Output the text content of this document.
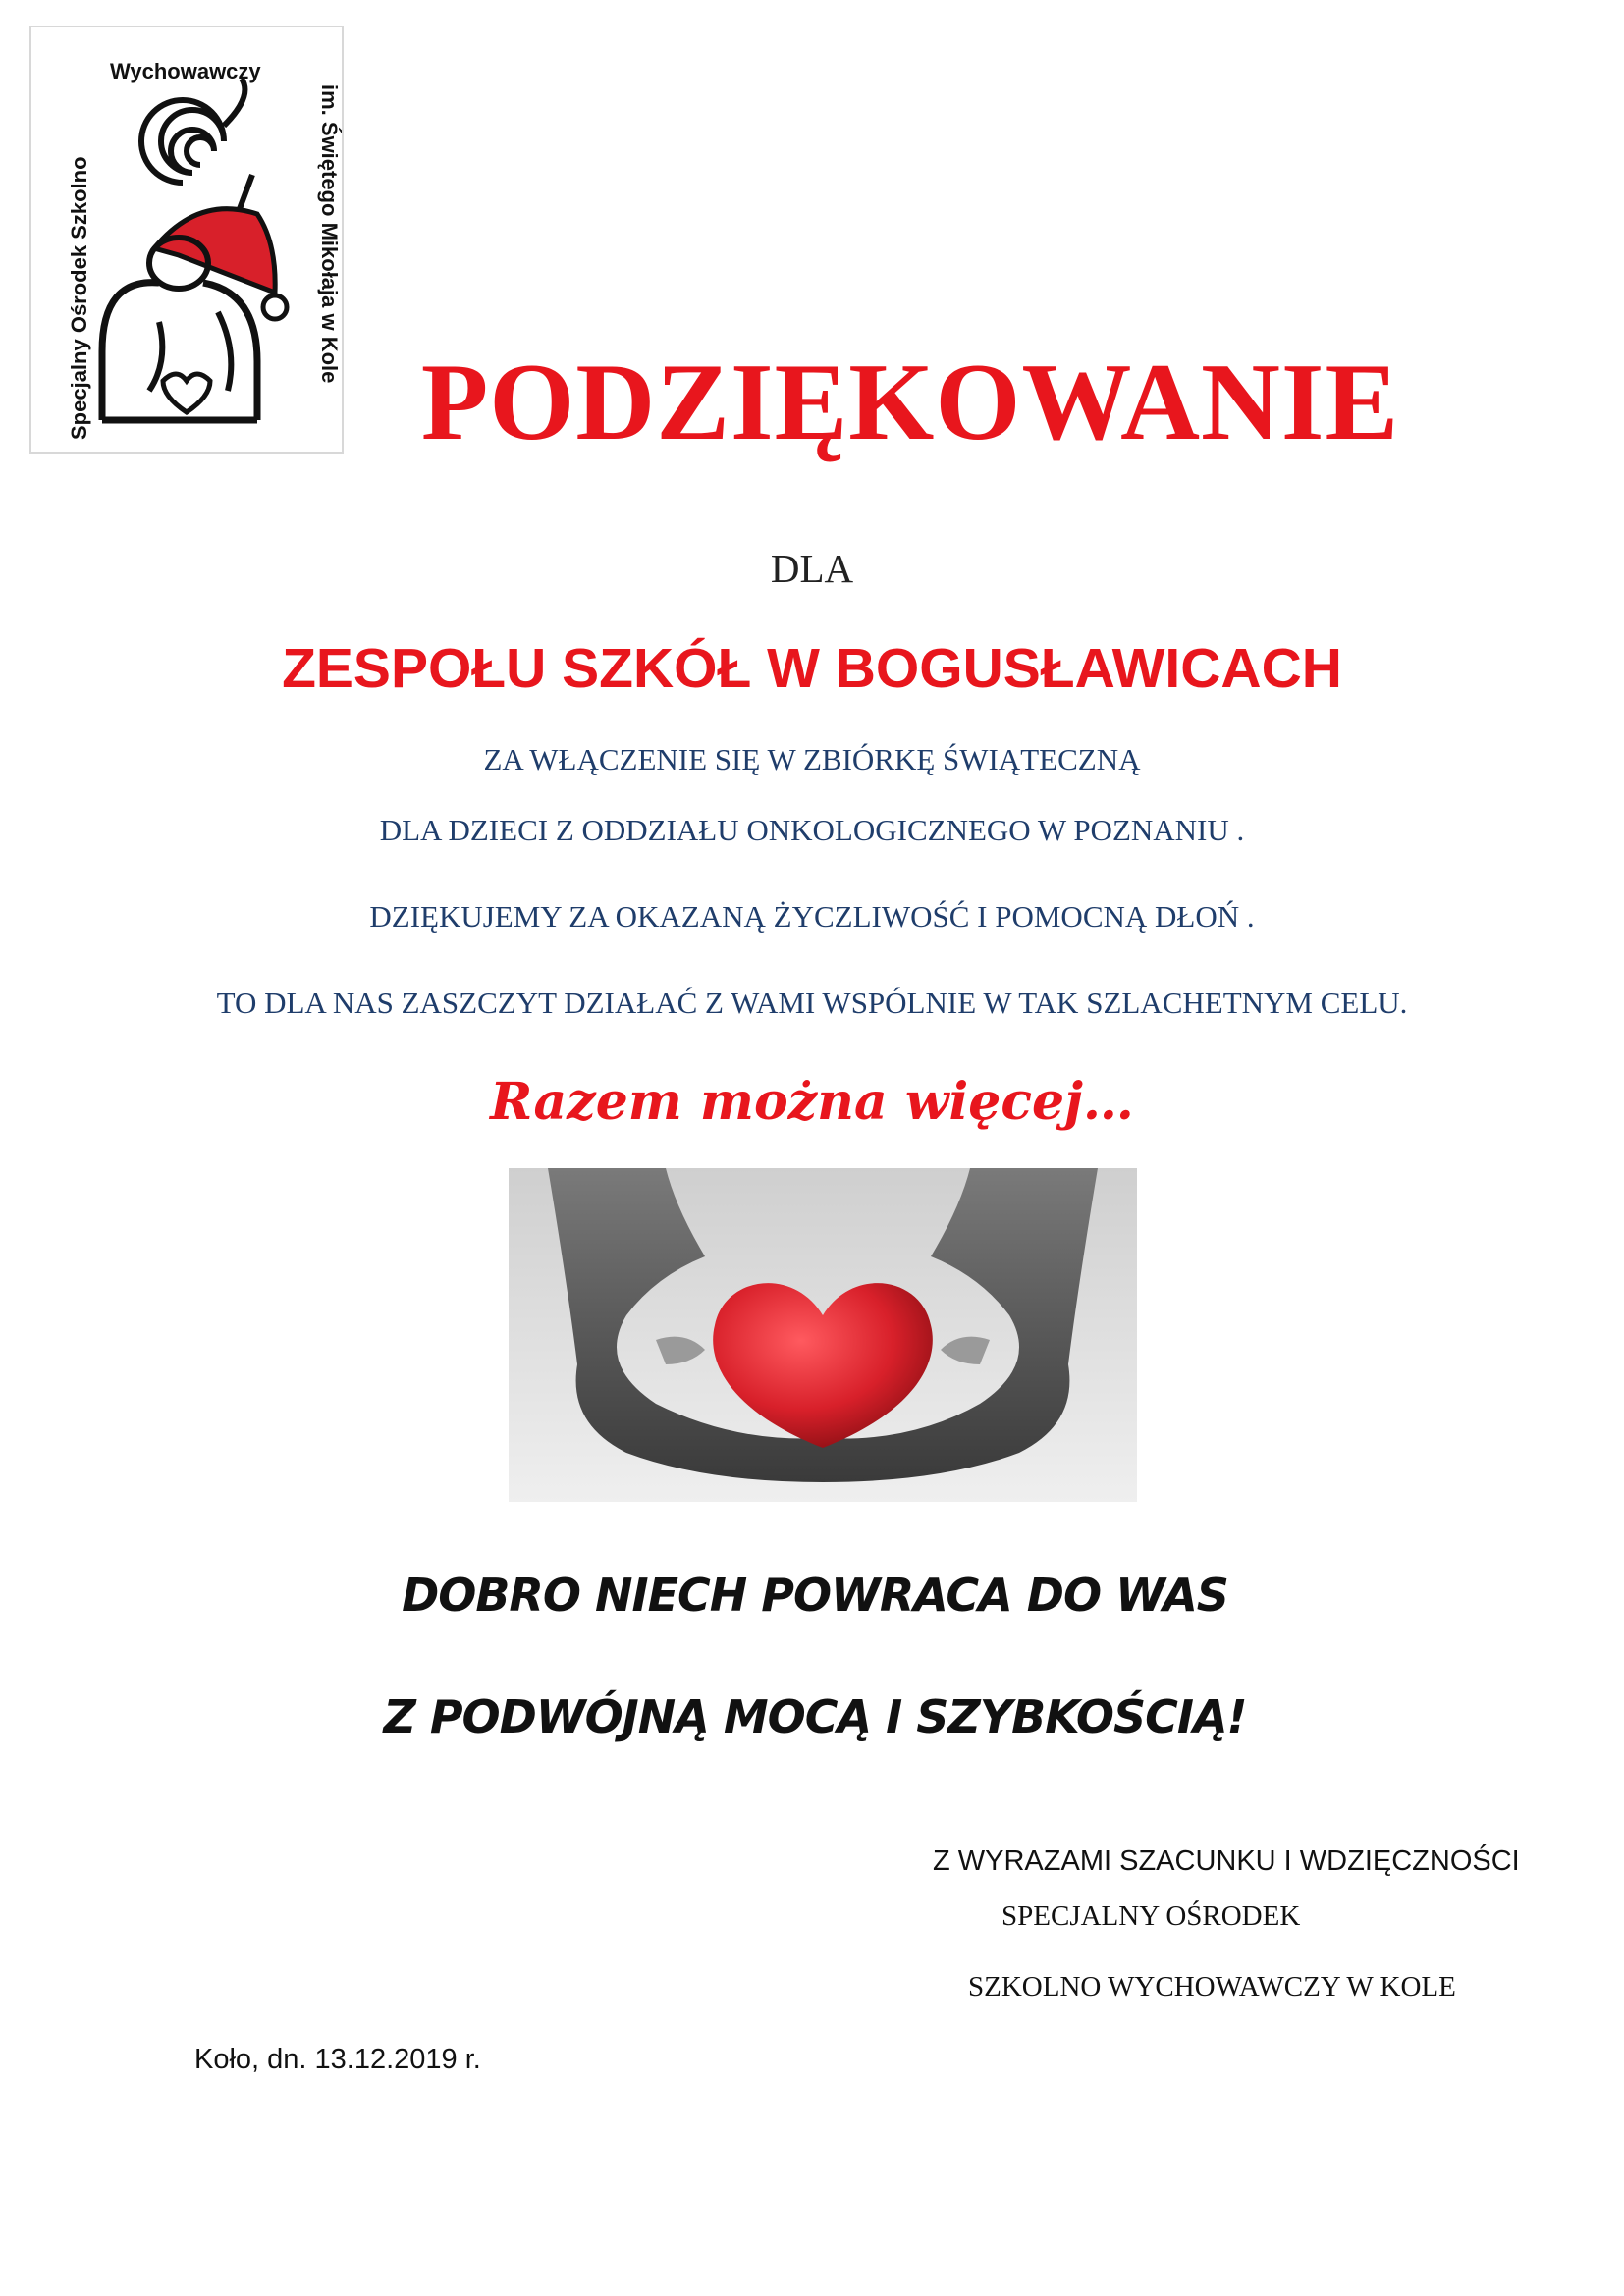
Specjalny Ośrodek Szkolno	im. Świętego Mikołaja w Kole
Wychowawczy
PODZIĘKOWANIE
DLA
ZESPOŁU SZKÓŁ W BOGUSŁAWICACH
ZA WŁĄCZENIE SIĘ W ZBIÓRKĘ ŚWIĄTECZNĄ
DLA DZIECI Z ODDZIAŁU ONKOLOGICZNEGO W POZNANIU .
DZIĘKUJEMY ZA OKAZANĄ ŻYCZLIWOŚĆ I POMOCNĄ DŁOŃ .
TO DLA NAS ZASZCZYT DZIAŁAĆ Z WAMI WSPÓLNIE W TAK SZLACHETNYM CELU.
Razem można więcej…
DOBRO NIECH POWRACA DO WAS
Z PODWÓJNĄ MOCĄ I SZYBKOŚCIĄ!
Z WYRAZAMI SZACUNKU I WDZIĘCZNOŚCI
SPECJALNY OŚRODEK
SZKOLNO WYCHOWAWCZY W KOLE
Koło, dn. 13.12.2019 r.
